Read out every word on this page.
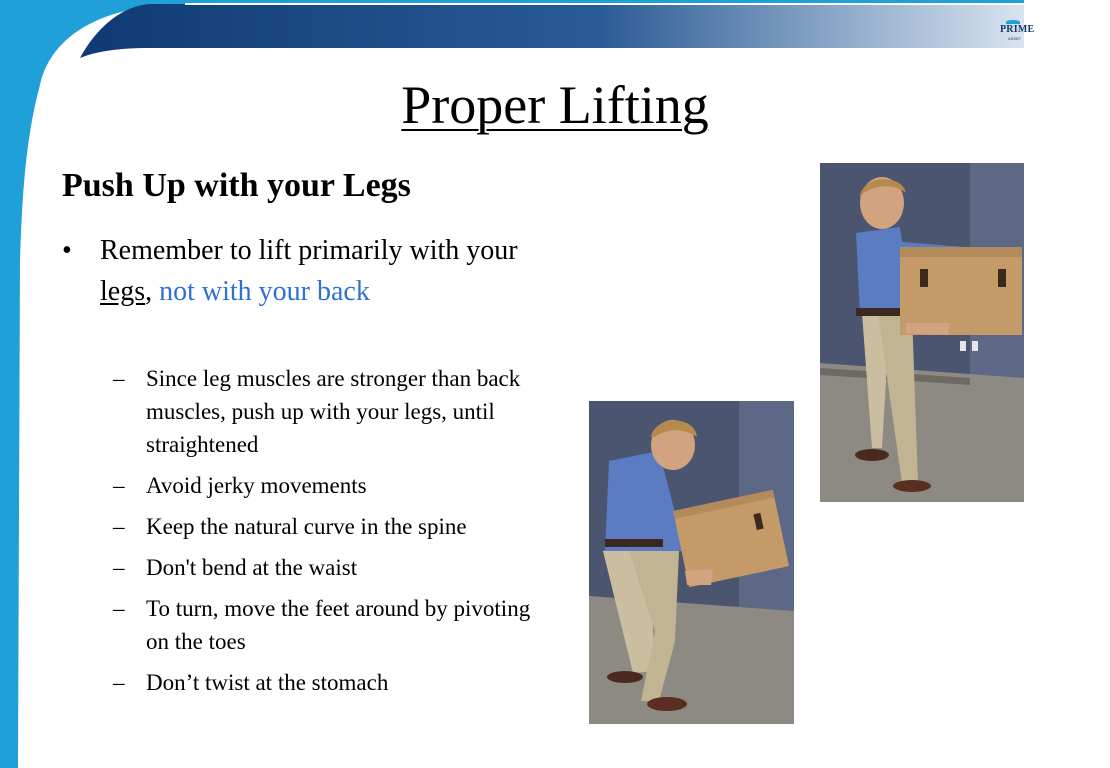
PRIME
ASSET
Proper Lifting
Push Up with your Legs
• Remember to lift primarily with your legs, not with your back
– Since leg muscles are stronger than back muscles, push up with your legs, until straightened
– Avoid jerky movements
– Keep the natural curve in the spine
– Don't bend at the waist
– To turn, move the feet around by pivoting on the toes
– Don’t twist at the stomach
